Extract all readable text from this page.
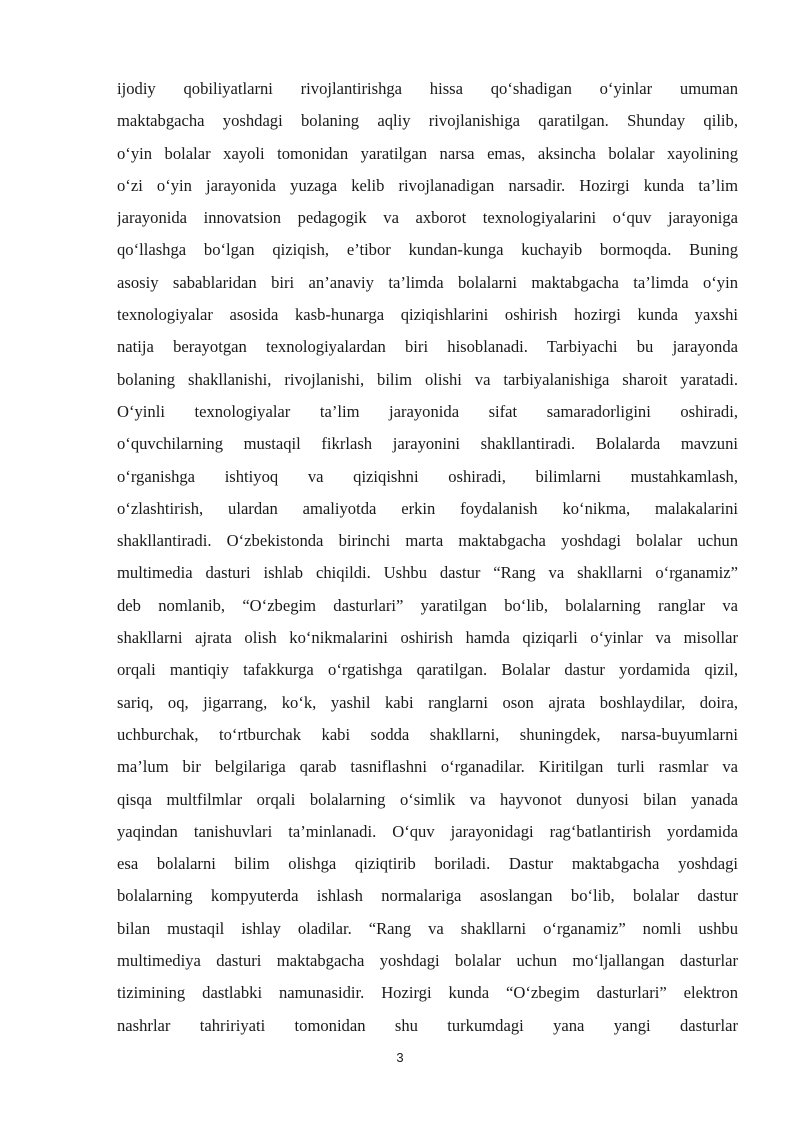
ijodiy qobiliyatlarni rivojlantirishga hissa qo‘shadigan o‘yinlar umuman
maktabgacha yoshdagi bolaning aqliy rivojlanishiga qaratilgan. Shunday qilib,
o‘yin bolalar xayoli tomonidan yaratilgan narsa emas, aksincha bolalar xayolining
o‘zi o‘yin jarayonida yuzaga kelib rivojlanadigan narsadir. Hozirgi kunda ta’lim
jarayonida innovatsion pedagogik va axborot texnologiyalarini o‘quv jarayoniga
qo‘llashga bo‘lgan qiziqish, e’tibor kundan-kunga kuchayib bormoqda. Buning
asosiy sabablaridan biri an’anaviy ta’limda bolalarni maktabgacha ta’limda o‘yin
texnologiyalar asosida kasb-hunarga qiziqishlarini oshirish hozirgi kunda yaxshi
natija berayotgan texnologiyalardan biri hisoblanadi. Tarbiyachi bu jarayonda
bolaning shakllanishi, rivojlanishi, bilim olishi va tarbiyalanishiga sharoit yaratadi.
O‘yinli texnologiyalar ta’lim jarayonida sifat samaradorligini oshiradi,
o‘quvchilarning mustaqil fikrlash jarayonini shakllantiradi. Bolalarda mavzuni
o‘rganishga ishtiyoq va qiziqishni oshiradi, bilimlarni mustahkamlash,
o‘zlashtirish, ulardan amaliyotda erkin foydalanish ko‘nikma, malakalarini
shakllantiradi. O‘zbekistonda birinchi marta maktabgacha yoshdagi bolalar uchun
multimedia dasturi ishlab chiqildi. Ushbu dastur “Rang va shakllarni o‘rganamiz”
deb nomlanib, “O‘zbegim dasturlari” yaratilgan bo‘lib, bolalarning ranglar va
shakllarni ajrata olish ko‘nikmalarini oshirish hamda qiziqarli o‘yinlar va misollar
orqali mantiqiy tafakkurga o‘rgatishga qaratilgan. Bolalar dastur yordamida qizil,
sariq, oq, jigarrang, ko‘k, yashil kabi ranglarni oson ajrata boshlaydilar, doira,
uchburchak, to‘rtburchak kabi sodda shakllarni, shuningdek, narsa-buyumlarni
ma’lum bir belgilariga qarab tasniflashni o‘rganadilar. Kiritilgan turli rasmlar va
qisqa multfilmlar orqali bolalarning o‘simlik va hayvonot dunyosi bilan yanada
yaqindan tanishuvlari ta’minlanadi. O‘quv jarayonidagi rag‘batlantirish yordamida
esa bolalarni bilim olishga qiziqtirib boriladi. Dastur maktabgacha yoshdagi
bolalarning kompyuterda ishlash normalariga asoslangan bo‘lib, bolalar dastur
bilan mustaqil ishlay oladilar. “Rang va shakllarni o‘rganamiz” nomli ushbu
multimediya dasturi maktabgacha yoshdagi bolalar uchun mo‘ljallangan dasturlar
tizimining dastlabki namunasidir. Hozirgi kunda “O‘zbegim dasturlari” elektron
nashrlar tahririyati tomonidan shu turkumdagi yana yangi dasturlar
3
